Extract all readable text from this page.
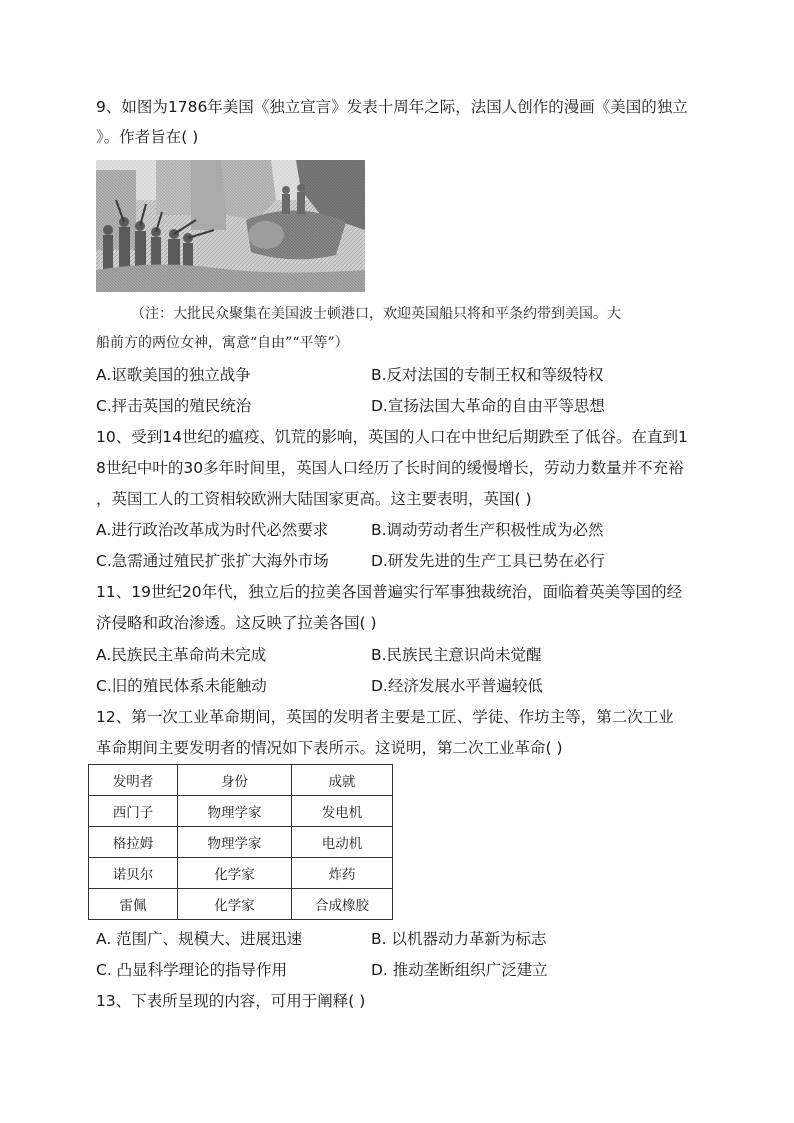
9、如图为1786年美国《独立宣言》发表十周年之际，法国人创作的漫画《美国的独立
》。作者旨在( )
（注：大批民众聚集在美国波士顿港口，欢迎英国船只将和平条约带到美国。大
船前方的两位女神，寓意“自由”“平等”）
A.讴歌美国的独立战争	B.反对法国的专制王权和等级特权
C.抨击英国的殖民统治	D.宣扬法国大革命的自由平等思想
10、受到14世纪的瘟疫、饥荒的影响，英国的人口在中世纪后期跌至了低谷。在直到1
8世纪中叶的30多年时间里，英国人口经历了长时间的缓慢增长，劳动力数量并不充裕
，英国工人的工资相较欧洲大陆国家更高。这主要表明，英国( )
A.进行政治改革成为时代必然要求	B.调动劳动者生产积极性成为必然
C.急需通过殖民扩张扩大海外市场	D.研发先进的生产工具已势在必行
11、19世纪20年代，独立后的拉美各国普遍实行军事独裁统治，面临着英美等国的经
济侵略和政治渗透。这反映了拉美各国( )
A.民族民主革命尚未完成	B.民族民主意识尚未觉醒
C.旧的殖民体系未能触动	D.经济发展水平普遍较低
12、第一次工业革命期间，英国的发明者主要是工匠、学徒、作坊主等，第二次工业
革命期间主要发明者的情况如下表所示。这说明，第二次工业革命( )
发明者	身份	成就
西门子	物理学家	发电机
格拉姆	物理学家	电动机
诺贝尔	化学家	炸药
雷佩	化学家	合成橡胶
A. 范围广、规模大、进展迅速	B. 以机器动力革新为标志
C. 凸显科学理论的指导作用	D. 推动垄断组织广泛建立
13、下表所呈现的内容，可用于阐释( )
